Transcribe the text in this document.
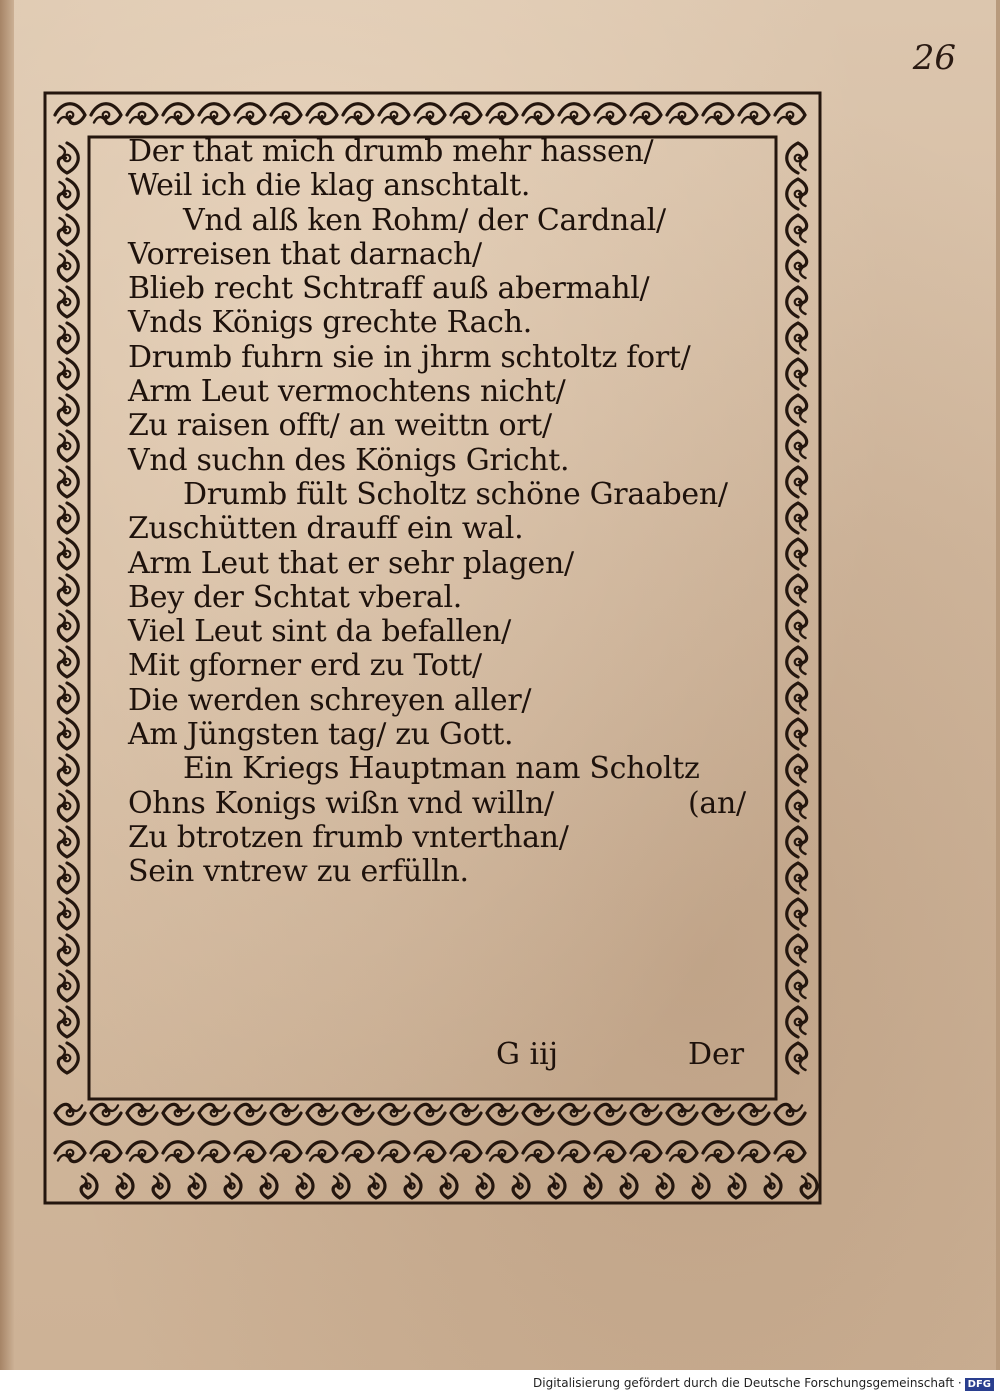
26
Der that mich drumb mehr hassen/
Weil ich die klag anschtalt.
Vnd alß ken Rohm/ der Cardnal/
Vorreisen that darnach/
Blieb recht Schtraff auß abermahl/
Vnds Königs grechte Rach.
Drumb fuhrn sie in jhrm schtoltz fort/
Arm Leut vermochtens nicht/
Zu raisen offt/ an weittn ort/
Vnd suchn des Königs Gricht.
Drumb fült Scholtz schöne Graaben/
Zuschütten drauff ein wal.
Arm Leut that er sehr plagen/
Bey der Schtat vberal.
Viel Leut sint da befallen/
Mit gforner erd zu Tott/
Die werden schreyen aller/
Am Jüngsten tag/ zu Gott.
Ein Kriegs Hauptman nam Scholtz
Ohns Konigs wißn vnd willn/	(an/
Zu btrotzen frumb vnterthan/
Sein vntrew zu erfülln.
G iij	Der
Digitalisierung gefördert durch die Deutsche Forschungsgemeinschaft · DFG
